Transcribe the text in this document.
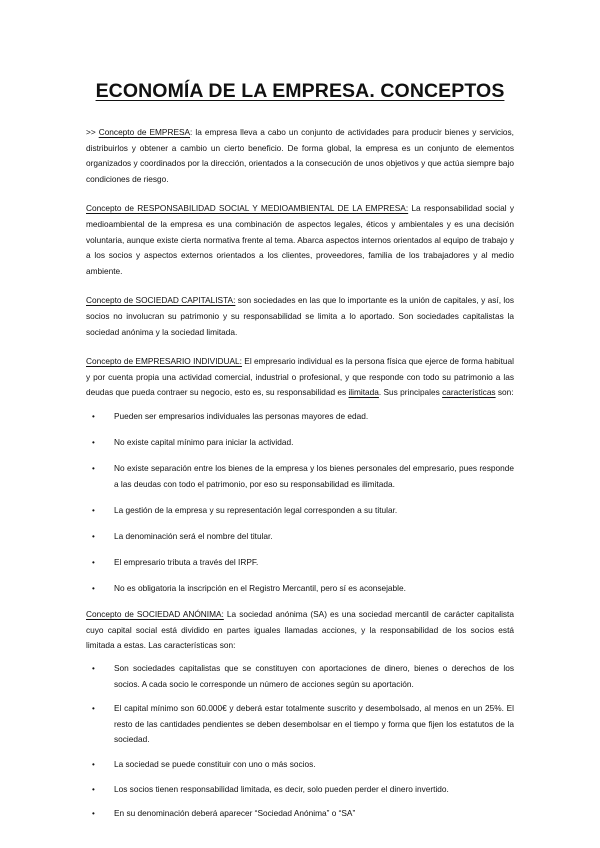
ECONOMÍA DE LA EMPRESA. CONCEPTOS

>> Concepto de EMPRESA: la empresa lleva a cabo un conjunto de actividades para producir bienes y servicios, distribuirlos y obtener a cambio un cierto beneficio. De forma global, la empresa es un conjunto de elementos organizados y coordinados por la dirección, orientados a la consecución de unos objetivos y que actúa siempre bajo condiciones de riesgo.

Concepto de RESPONSABILIDAD SOCIAL Y MEDIOAMBIENTAL DE LA EMPRESA: La responsabilidad social y medioambiental de la empresa es una combinación de aspectos legales, éticos y ambientales y es una decisión voluntaria, aunque existe cierta normativa frente al tema. Abarca aspectos internos orientados al equipo de trabajo y a los socios y aspectos externos orientados a los clientes, proveedores, familia de los trabajadores y al medio ambiente.

Concepto de SOCIEDAD CAPITALISTA: son sociedades en las que lo importante es la unión de capitales, y así, los socios no involucran su patrimonio y su responsabilidad se limita a lo aportado. Son sociedades capitalistas la sociedad anónima y la sociedad limitada.

Concepto de EMPRESARIO INDIVIDUAL: El empresario individual es la persona física que ejerce de forma habitual y por cuenta propia una actividad comercial, industrial o profesional, y que responde con todo su patrimonio a las deudas que pueda contraer su negocio, esto es, su responsabilidad es ilimitada. Sus principales características son:

• Pueden ser empresarios individuales las personas mayores de edad.
• No existe capital mínimo para iniciar la actividad.
• No existe separación entre los bienes de la empresa y los bienes personales del empresario, pues responde a las deudas con todo el patrimonio, por eso su responsabilidad es ilimitada.
• La gestión de la empresa y su representación legal corresponden a su titular.
• La denominación será el nombre del titular.
• El empresario tributa a través del IRPF.
• No es obligatoria la inscripción en el Registro Mercantil, pero sí es aconsejable.

Concepto de SOCIEDAD ANÓNIMA: La sociedad anónima (SA) es una sociedad mercantil de carácter capitalista cuyo capital social está dividido en partes iguales llamadas acciones, y la responsabilidad de los socios está limitada a estas. Las características son:

• Son sociedades capitalistas que se constituyen con aportaciones de dinero, bienes o derechos de los socios. A cada socio le corresponde un número de acciones según su aportación.
• El capital mínimo son 60.000€ y deberá estar totalmente suscrito y desembolsado, al menos en un 25%. El resto de las cantidades pendientes se deben desembolsar en el tiempo y forma que fijen los estatutos de la sociedad.
• La sociedad se puede constituir con uno o más socios.
• Los socios tienen responsabilidad limitada, es decir, solo pueden perder el dinero invertido.
• En su denominación deberá aparecer “Sociedad Anónima” o “SA”
